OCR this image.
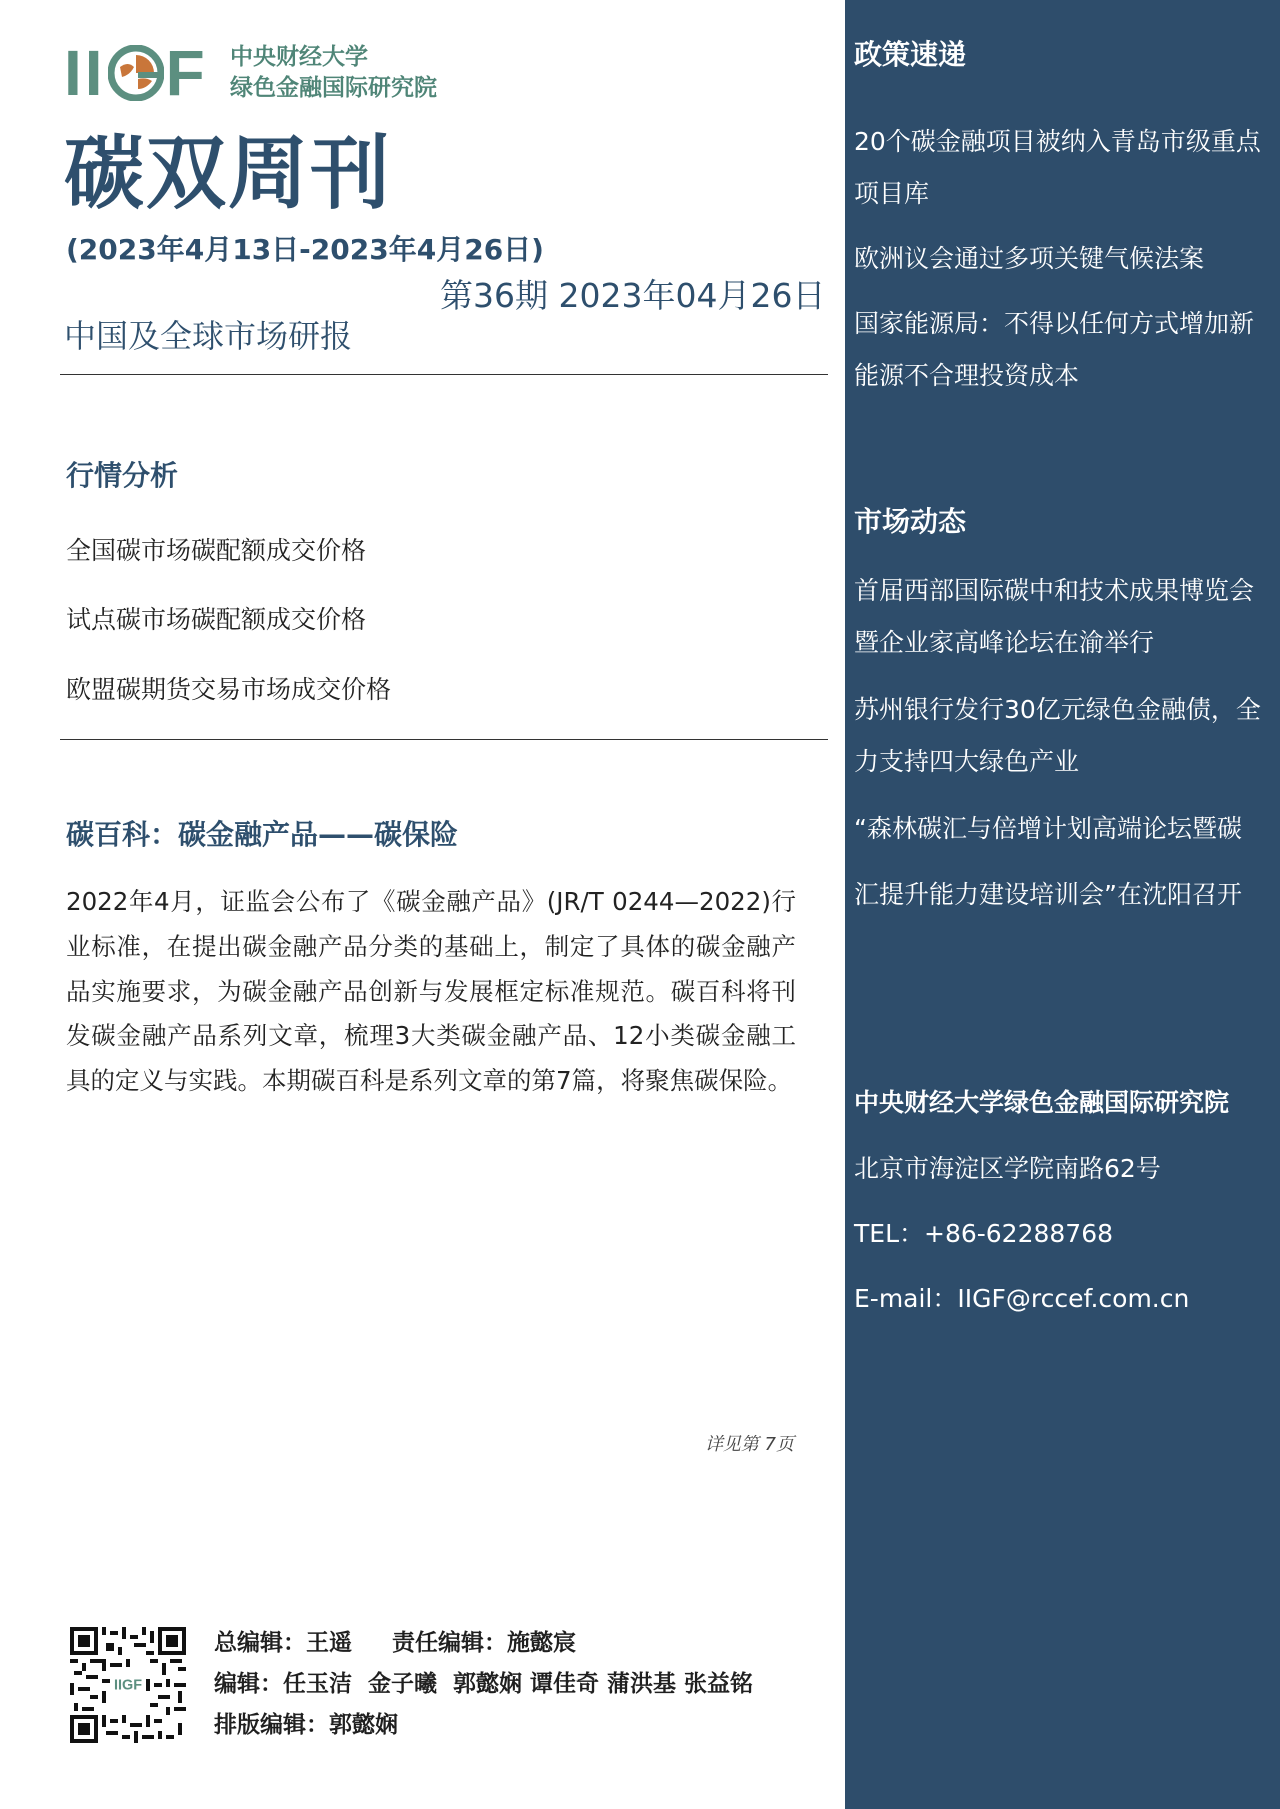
II F 中央财经大学
绿色金融国际研究院
碳双周刊
(2023年4月13日-2023年4月26日)
第36期 2023年04月26日
中国及全球市场研报
行情分析
全国碳市场碳配额成交价格
试点碳市场碳配额成交价格
欧盟碳期货交易市场成交价格
碳百科：碳金融产品——碳保险
2022年4月，证监会公布了《碳金融产品》(JR/T 0244—2022)行业标准，在提出碳金融产品分类的基础上，制定了具体的碳金融产品实施要求，为碳金融产品创新与发展框定标准规范。碳百科将刊发碳金融产品系列文章，梳理3大类碳金融产品、12小类碳金融工具的定义与实践。本期碳百科是系列文章的第7篇，将聚焦碳保险。
详见第 7页
IIGF
总编辑：王遥     责任编辑：施懿宸
编辑：任玉洁  金子曦  郭懿娴 谭佳奇 蒲洪基 张益铭
排版编辑：郭懿娴
政策速递
20个碳金融项目被纳入青岛市级重点项目库
欧洲议会通过多项关键气候法案
国家能源局：不得以任何方式增加新能源不合理投资成本
市场动态
首届西部国际碳中和技术成果博览会暨企业家高峰论坛在渝举行
苏州银行发行30亿元绿色金融债，全力支持四大绿色产业
“森林碳汇与倍增计划高端论坛暨碳汇提升能力建设培训会”在沈阳召开
中央财经大学绿色金融国际研究院
北京市海淀区学院南路62号
TEL：+86-62288768
E-mail：IIGF@rccef.com.cn
